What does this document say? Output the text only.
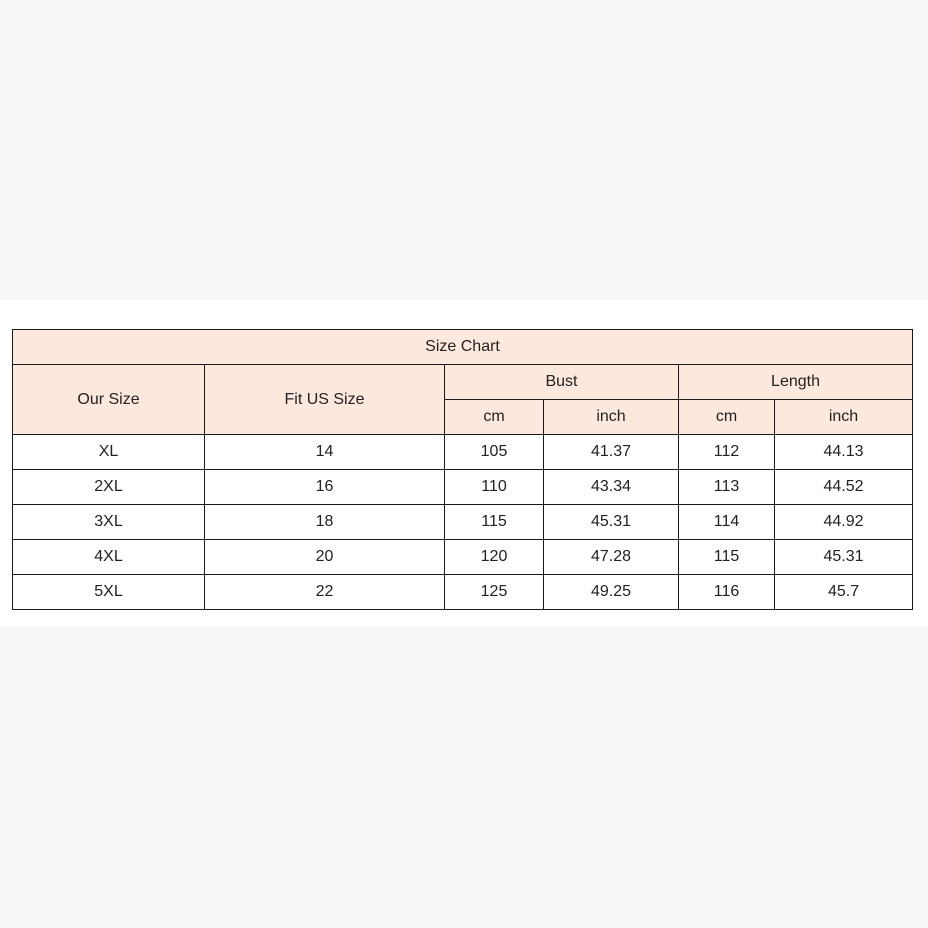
Size Chart					
Our Size	Fit US Size	Bust		Length	
		cm	inch	cm	inch
XL	14	105	41.37	112	44.13
2XL	16	110	43.34	113	44.52
3XL	18	115	45.31	114	44.92
4XL	20	120	47.28	115	45.31
5XL	22	125	49.25	116	45.7
